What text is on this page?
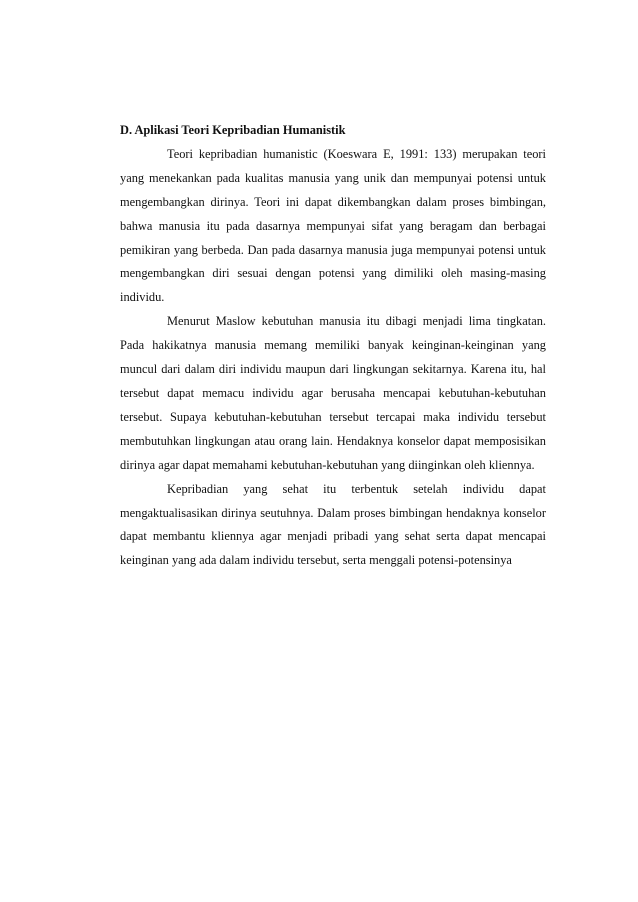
D. Aplikasi Teori Kepribadian Humanistik

Teori kepribadian humanistic (Koeswara E, 1991: 133) merupakan teori yang menekankan pada kualitas manusia yang unik dan mempunyai potensi untuk mengembangkan dirinya. Teori ini dapat dikembangkan dalam proses bimbingan, bahwa manusia itu pada dasarnya mempunyai sifat yang beragam dan berbagai pemikiran yang berbeda. Dan pada dasarnya manusia juga mempunyai potensi untuk mengembangkan diri sesuai dengan potensi yang dimiliki oleh masing-masing individu.

Menurut Maslow kebutuhan manusia itu dibagi menjadi lima tingkatan. Pada hakikatnya manusia memang memiliki banyak keinginan-keinginan yang muncul dari dalam diri individu maupun dari lingkungan sekitarnya. Karena itu, hal tersebut dapat memacu individu agar berusaha mencapai kebutuhan-kebutuhan tersebut. Supaya kebutuhan-kebutuhan tersebut tercapai maka individu tersebut membutuhkan lingkungan atau orang lain. Hendaknya konselor dapat memposisikan dirinya agar dapat memahami kebutuhan-kebutuhan yang diinginkan oleh kliennya.

Kepribadian yang sehat itu terbentuk setelah individu dapat mengaktualisasikan dirinya seutuhnya. Dalam proses bimbingan hendaknya konselor dapat membantu kliennya agar menjadi pribadi yang sehat serta dapat mencapai keinginan yang ada dalam individu tersebut, serta menggali potensi-potensinya
